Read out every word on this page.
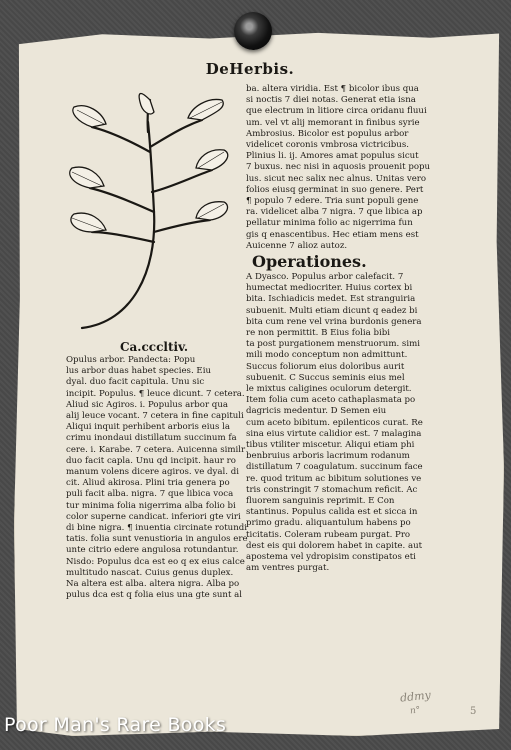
DeHerbis.
Ca.cccltiv.
Opulus arbor. Pandecta: Popu
lus arbor duas habet species. Eiu
dyal. duo facit capitula. Unu sic
incipit. Populus. ¶ leuce dicunt. 7 cetera.
Aliud sic Agiros. i. Populus arbor qua
alij leuce vocant. 7 cetera in fine capituli
Aliqui inquit perhibent arboris eius la
crimu inondaui distillatum succinum fa
cere. i. Karabe. 7 cetera. Auicenna similr
duo facit capla. Unu qd incipit. haur ro
manum volens dicere agiros. ve dyal. di
cit. Aliud akirosa. Plini tria genera po
puli facit alba. nigra. 7 que libica voca
tur minima folia nigerrima alba folio bi
color superne candicat. inferiori gte viri
di bine nigra. ¶ inuentia circinate rotundi
tatis. folia sunt venustioria in angulos ere
unte citrio edere angulosa rotundantur.
Nisdo: Populus dca est eo q ex eius calce
multitudo nascat. Cuius genus duplex.
Na altera est alba. altera nigra. Alba po
pulus dca est q folia eius una gte sunt al
ba. altera viridia. Est ¶ bicolor ibus qua
si noctis 7 diei notas. Generat etia isna
que electrum in litiore circa oridanu fluui
um. vel vt alij memorant in finibus syrie
Ambrosius. Bicolor est populus arbor
videlicet coronis vmbrosa victricibus.
Plinius li. ij. Amores amat populus sicut
7 buxus. nec nisi in aquosis prouenit popu
lus. sicut nec salix nec alnus. Unitas vero
folios eiusq germinat in suo genere. Pert
¶ populo 7 edere. Tria sunt populi gene
ra. videlicet alba 7 nigra. 7 que libica ap
pellatur minima folio ac nigerrima fun
gis q enascentibus. Hec etiam mens est
Auicenne 7 alioz autoz.
Operationes.
A Dyasco. Populus arbor calefacit. 7
humectat mediocriter. Huius cortex bi
bita. Ischiadicis medet. Est stranguiria
subuenit. Multi etiam dicunt q eadez bi
bita cum rene vel vrina burdonis genera
re non permittit. B Eius folia bibi
ta post purgationem menstruorum. simi
mili modo conceptum non admittunt.
Succus foliorum eius doloribus aurit
subuenit. C Succus seminis eius mel
le mixtus caligines oculorum detergit.
Item folia cum aceto cathaplasmata po
dagricis medentur. D Semen eiu
cum aceto bibitum. epilenticos curat. Re
sina eius virtute calidior est. 7 malagina
tibus vtiliter miscetur. Aliqui etiam phi
benbruius arboris lacrimum rodanum
distillatum 7 coagulatum. succinum face
re. quod tritum ac bibitum solutiones ve
tris constringit 7 stomachum reficit. Ac
fluorem sanguinis reprimit. E Con
stantinus. Populus calida est et sicca in
primo gradu. aliquantulum habens po
ticitatis. Coleram rubeam purgat. Pro
dest eis qui dolorem habet in capite. aut
apostema vel ydropisim constipatos eti
am ventres purgat.
ddmy
n°	5
Poor Man's Rare Books
